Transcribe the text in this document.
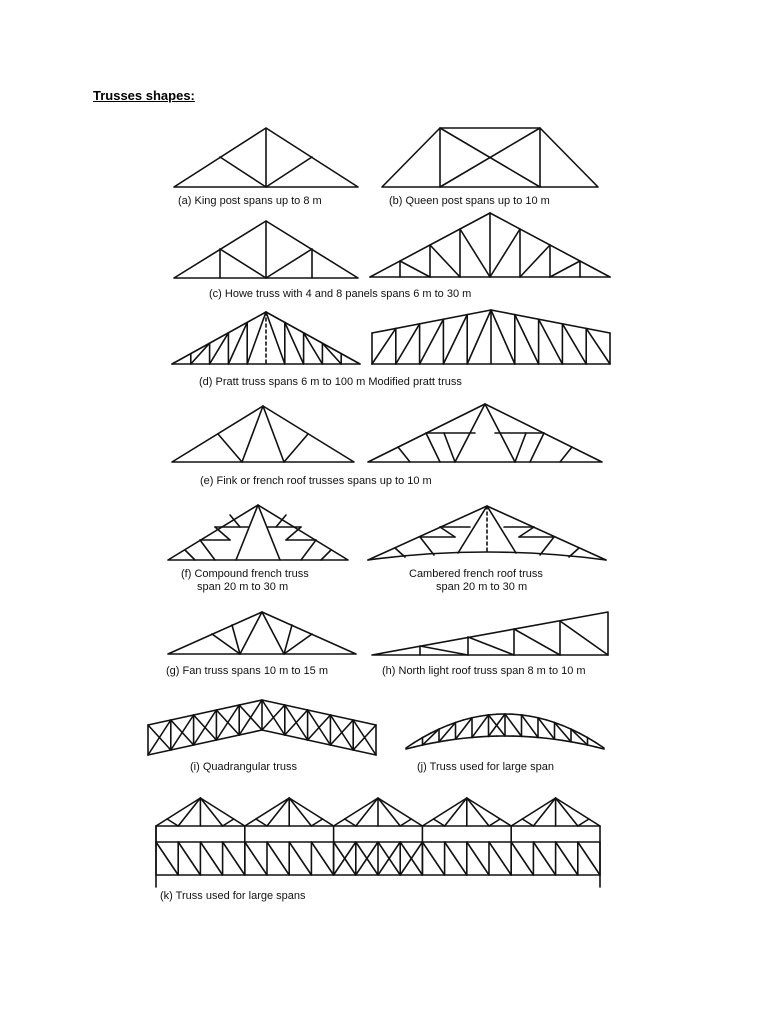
Trusses shapes:
(a) King post spans up to 8 m	(b) Queen post spans up to 10 m
(c) Howe truss with 4 and 8 panels spans 6 m to 30 m
(d) Pratt truss spans 6 m to 100 m Modified pratt truss
(e) Fink or french roof trusses spans up to 10 m
(f) Compound french truss
span 20 m to 30 m
Cambered french roof truss
span 20 m to 30 m
(g) Fan truss spans 10 m to 15 m	(h) North light roof truss span 8 m to 10 m
(i) Quadrangular truss	(j) Truss used for large span
(k) Truss used for large spans
